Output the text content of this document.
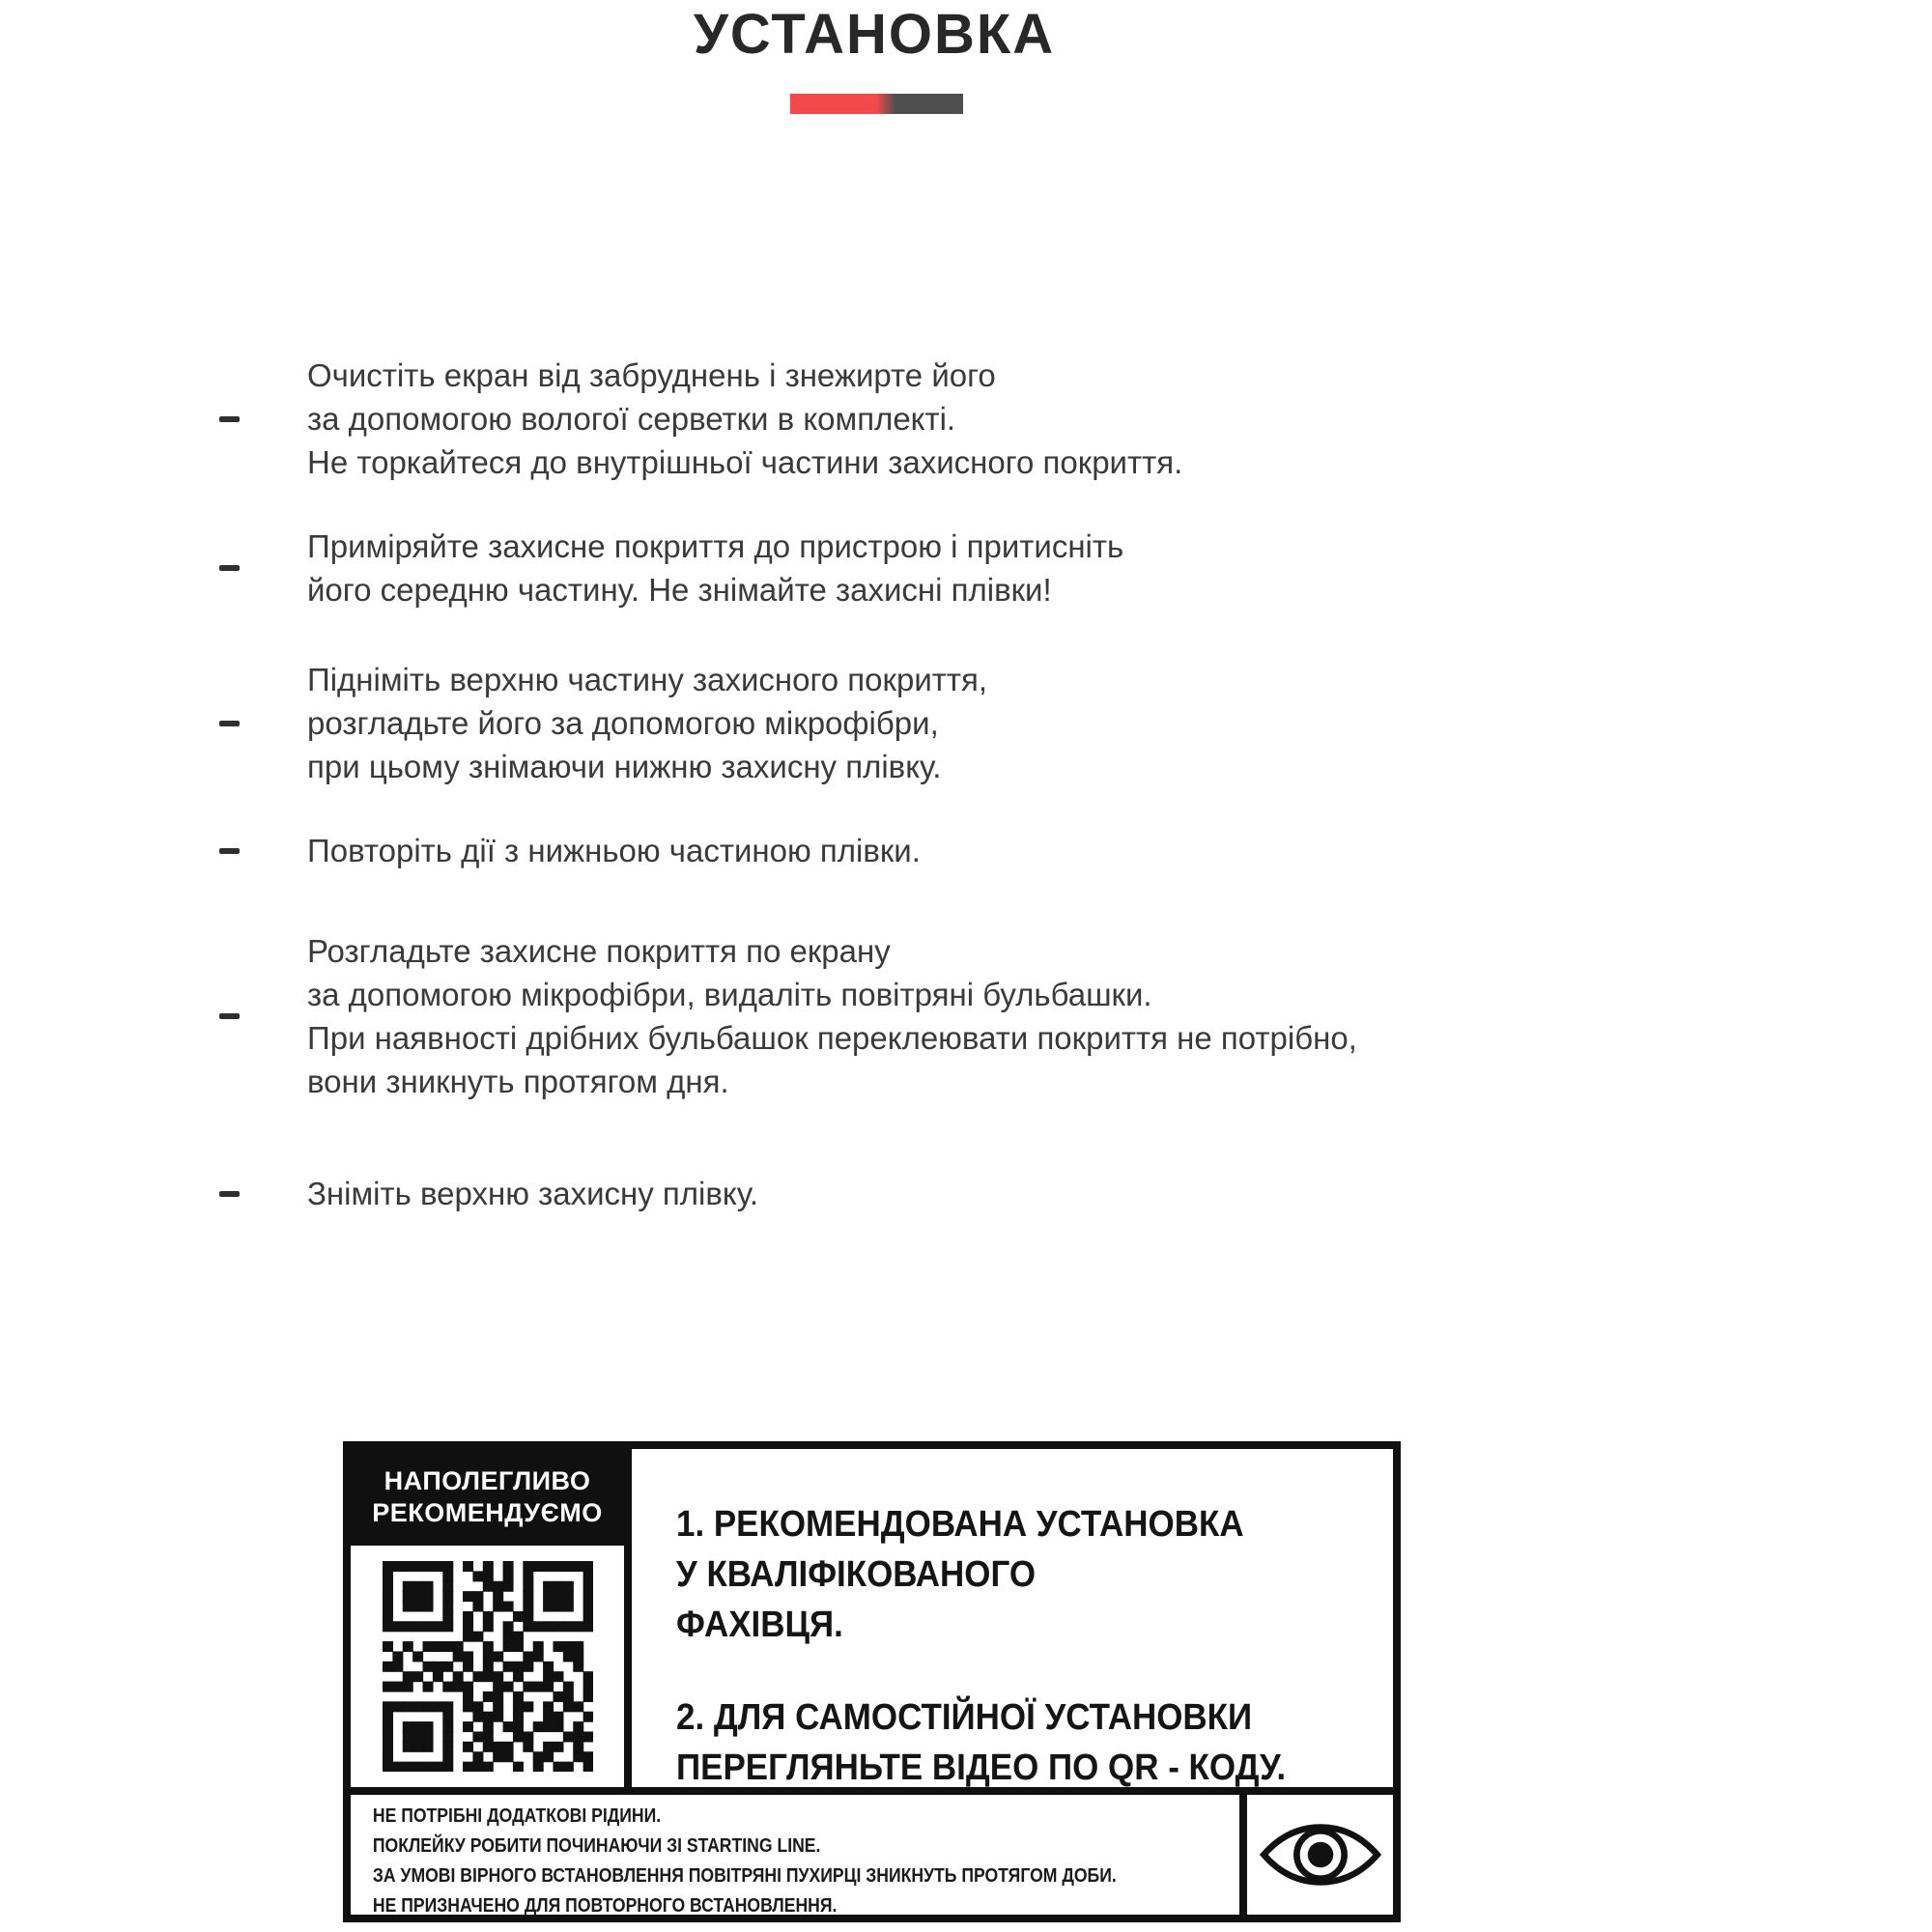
УСТАНОВКА
Очистіть екран від забруднень і знежирте його
за допомогою вологої серветки в комплекті.
Не торкайтеся до внутрішньої частини захисного покриття.
Приміряйте захисне покриття до пристрою і притисніть
його середню частину. Не знімайте захисні плівки!
Підніміть верхню частину захисного покриття,
розгладьте його за допомогою мікрофібри,
при цьому знімаючи нижню захисну плівку.
Повторіть дії з нижньою частиною плівки.
Розгладьте захисне покриття по екрану
за допомогою мікрофібри, видаліть повітряні бульбашки.
При наявності дрібних бульбашок переклеювати покриття не потрібно,
вони зникнуть протягом дня.
Зніміть верхню захисну плівку.
НАПОЛЕГЛИВО
РЕКОМЕНДУЄМО 1. РЕКОМЕНДОВАНА УСТАНОВКА
У КВАЛІФІКОВАНОГО
ФАХІВЦЯ.
2. ДЛЯ САМОСТІЙНОЇ УСТАНОВКИ
ПЕРЕГЛЯНЬТЕ ВІДЕО ПО QR - КОДУ.
НЕ ПОТРІБНІ ДОДАТКОВІ РІДИНИ.
ПОКЛЕЙКУ РОБИТИ ПОЧИНАЮЧИ ЗІ STARTING LINE.
ЗА УМОВІ ВІРНОГО ВСТАНОВЛЕННЯ ПОВІТРЯНІ ПУХИРЦІ ЗНИКНУТЬ ПРОТЯГОМ ДОБИ.
НЕ ПРИЗНАЧЕНО ДЛЯ ПОВТОРНОГО ВСТАНОВЛЕННЯ.
